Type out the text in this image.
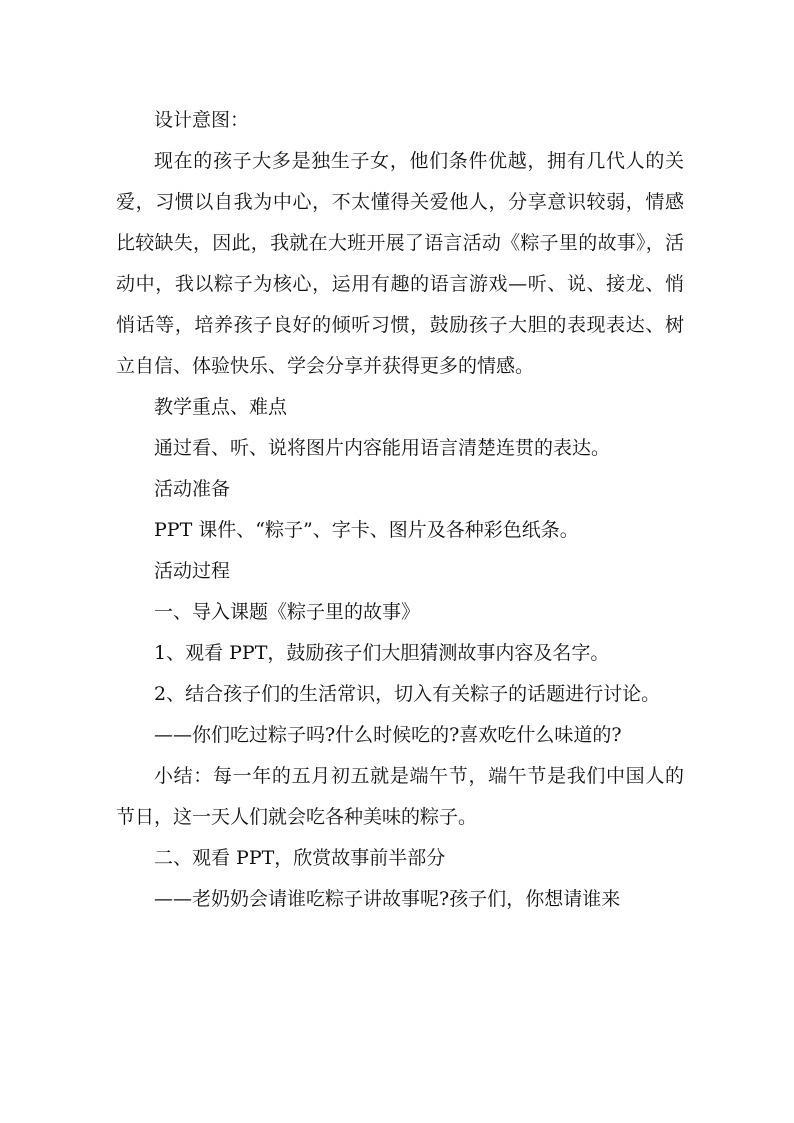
设计意图：

现在的孩子大多是独生子女，他们条件优越，拥有几代人的关爱，习惯以自我为中心，不太懂得关爱他人，分享意识较弱，情感比较缺失，因此，我就在大班开展了语言活动《粽子里的故事》，活动中，我以粽子为核心，运用有趣的语言游戏—听、说、接龙、悄悄话等，培养孩子良好的倾听习惯，鼓励孩子大胆的表现表达、树立自信、体验快乐、学会分享并获得更多的情感。

教学重点、难点

通过看、听、说将图片内容能用语言清楚连贯的表达。

活动准备

PPT 课件、“粽子”、字卡、图片及各种彩色纸条。

活动过程

一、导入课题《粽子里的故事》

1、观看 PPT，鼓励孩子们大胆猜测故事内容及名字。

2、结合孩子们的生活常识，切入有关粽子的话题进行讨论。

——你们吃过粽子吗?什么时候吃的?喜欢吃什么味道的?

小结：每一年的五月初五就是端午节，端午节是我们中国人的节日，这一天人们就会吃各种美味的粽子。

二、观看 PPT，欣赏故事前半部分

——老奶奶会请谁吃粽子讲故事呢?孩子们，你想请谁来
